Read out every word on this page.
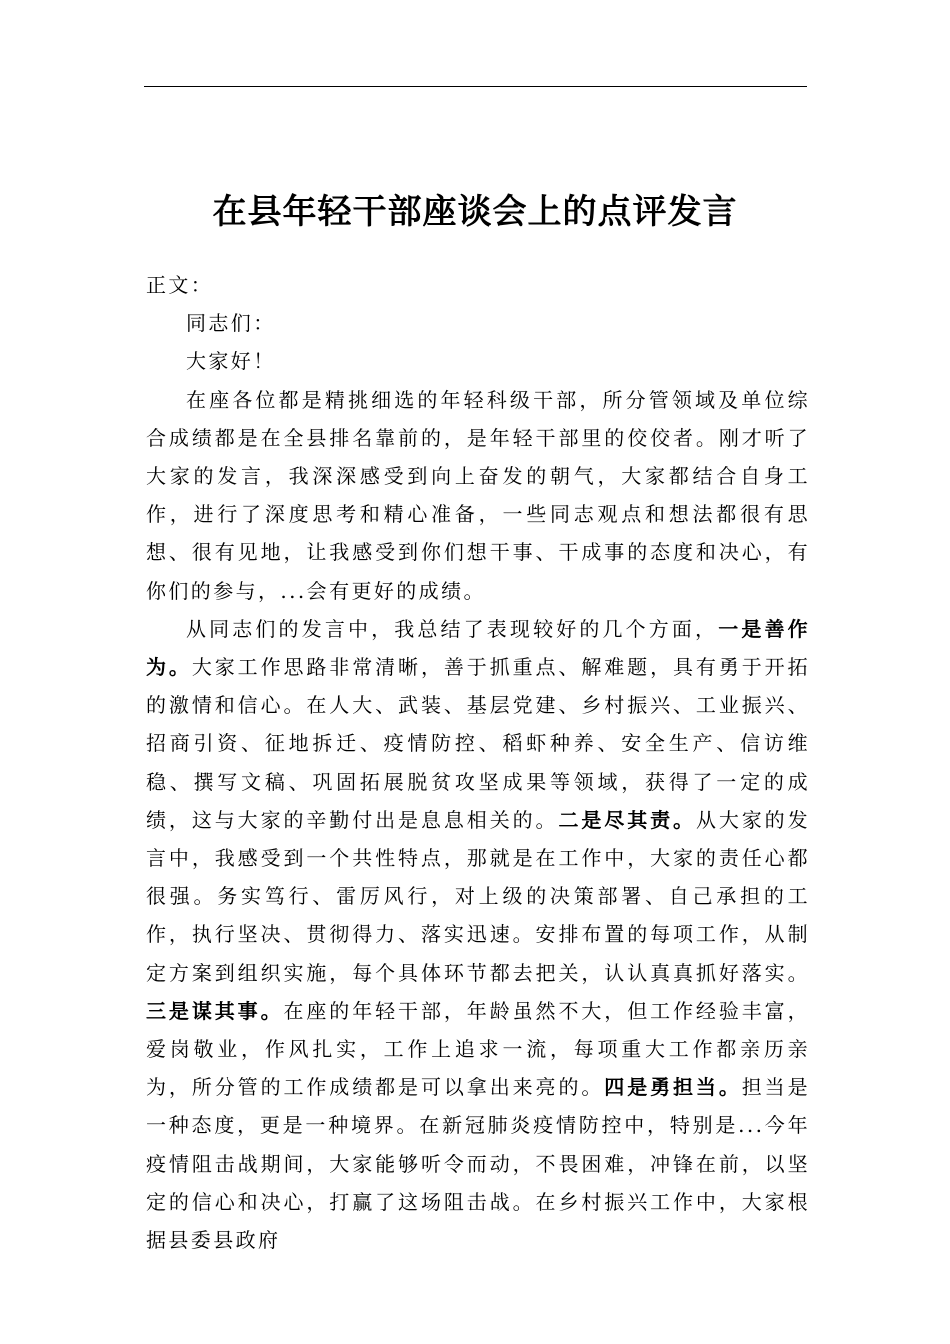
在县年轻干部座谈会上的点评发言

正文：

同志们：

大家好！

在座各位都是精挑细选的年轻科级干部，所分管领域及单位综合成绩都是在全县排名靠前的，是年轻干部里的佼佼者。刚才听了大家的发言，我深深感受到向上奋发的朝气，大家都结合自身工作，进行了深度思考和精心准备，一些同志观点和想法都很有思想、很有见地，让我感受到你们想干事、干成事的态度和决心，有你们的参与，...会有更好的成绩。

从同志们的发言中，我总结了表现较好的几个方面，一是善作为。大家工作思路非常清晰，善于抓重点、解难题，具有勇于开拓的激情和信心。在人大、武装、基层党建、乡村振兴、工业振兴、招商引资、征地拆迁、疫情防控、稻虾种养、安全生产、信访维稳、撰写文稿、巩固拓展脱贫攻坚成果等领域，获得了一定的成绩，这与大家的辛勤付出是息息相关的。二是尽其责。从大家的发言中，我感受到一个共性特点，那就是在工作中，大家的责任心都很强。务实笃行、雷厉风行，对上级的决策部署、自己承担的工作，执行坚决、贯彻得力、落实迅速。安排布置的每项工作，从制定方案到组织实施，每个具体环节都去把关，认认真真抓好落实。三是谋其事。在座的年轻干部，年龄虽然不大，但工作经验丰富，爱岗敬业，作风扎实，工作上追求一流，每项重大工作都亲历亲为，所分管的工作成绩都是可以拿出来亮的。四是勇担当。担当是一种态度，更是一种境界。在新冠肺炎疫情防控中，特别是...今年疫情阻击战期间，大家能够听令而动，不畏困难，冲锋在前，以坚定的信心和决心，打赢了这场阻击战。在乡村振兴工作中，大家根据县委县政府
